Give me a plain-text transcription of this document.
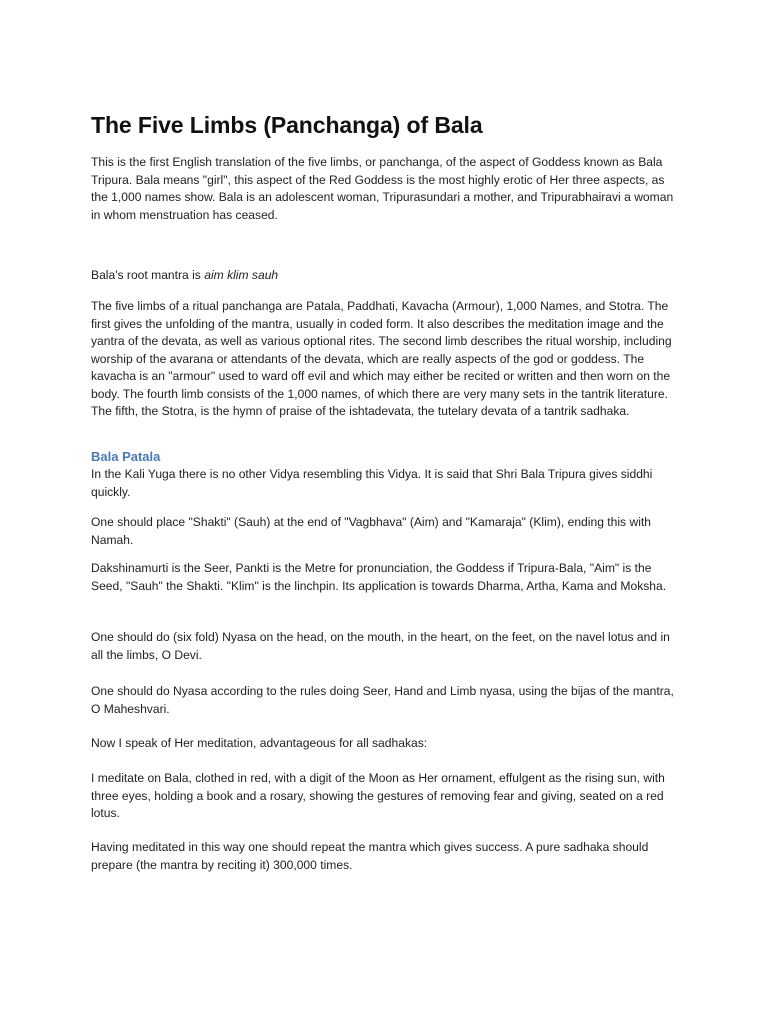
The Five Limbs (Panchanga) of Bala

This is the first English translation of the five limbs, or panchanga, of the aspect of Goddess known as Bala Tripura. Bala means "girl", this aspect of the Red Goddess is the most highly erotic of Her three aspects, as the 1,000 names show. Bala is an adolescent woman, Tripurasundari a mother, and Tripurabhairavi a woman in whom menstruation has ceased.

Bala's root mantra is aim klim sauh

The five limbs of a ritual panchanga are Patala, Paddhati, Kavacha (Armour), 1,000 Names, and Stotra. The first gives the unfolding of the mantra, usually in coded form. It also describes the meditation image and the yantra of the devata, as well as various optional rites. The second limb describes the ritual worship, including worship of the avarana or attendants of the devata, which are really aspects of the god or goddess. The kavacha is an "armour" used to ward off evil and which may either be recited or written and then worn on the body. The fourth limb consists of the 1,000 names, of which there are very many sets in the tantrik literature. The fifth, the Stotra, is the hymn of praise of the ishtadevata, the tutelary devata of a tantrik sadhaka.

Bala Patala

In the Kali Yuga there is no other Vidya resembling this Vidya. It is said that Shri Bala Tripura gives siddhi quickly.

One should place "Shakti" (Sauh) at the end of "Vagbhava" (Aim) and "Kamaraja" (Klim), ending this with Namah.

Dakshinamurti is the Seer, Pankti is the Metre for pronunciation, the Goddess if Tripura-Bala, "Aim" is the Seed, "Sauh" the Shakti. "Klim" is the linchpin. Its application is towards Dharma, Artha, Kama and Moksha.

One should do (six fold) Nyasa on the head, on the mouth, in the heart, on the feet, on the navel lotus and in all the limbs, O Devi.

One should do Nyasa according to the rules doing Seer, Hand and Limb nyasa, using the bijas of the mantra, O Maheshvari.

Now I speak of Her meditation, advantageous for all sadhakas:

I meditate on Bala, clothed in red, with a digit of the Moon as Her ornament, effulgent as the rising sun, with three eyes, holding a book and a rosary, showing the gestures of removing fear and giving, seated on a red lotus.

Having meditated in this way one should repeat the mantra which gives success. A pure sadhaka should prepare (the mantra by reciting it) 300,000 times.
